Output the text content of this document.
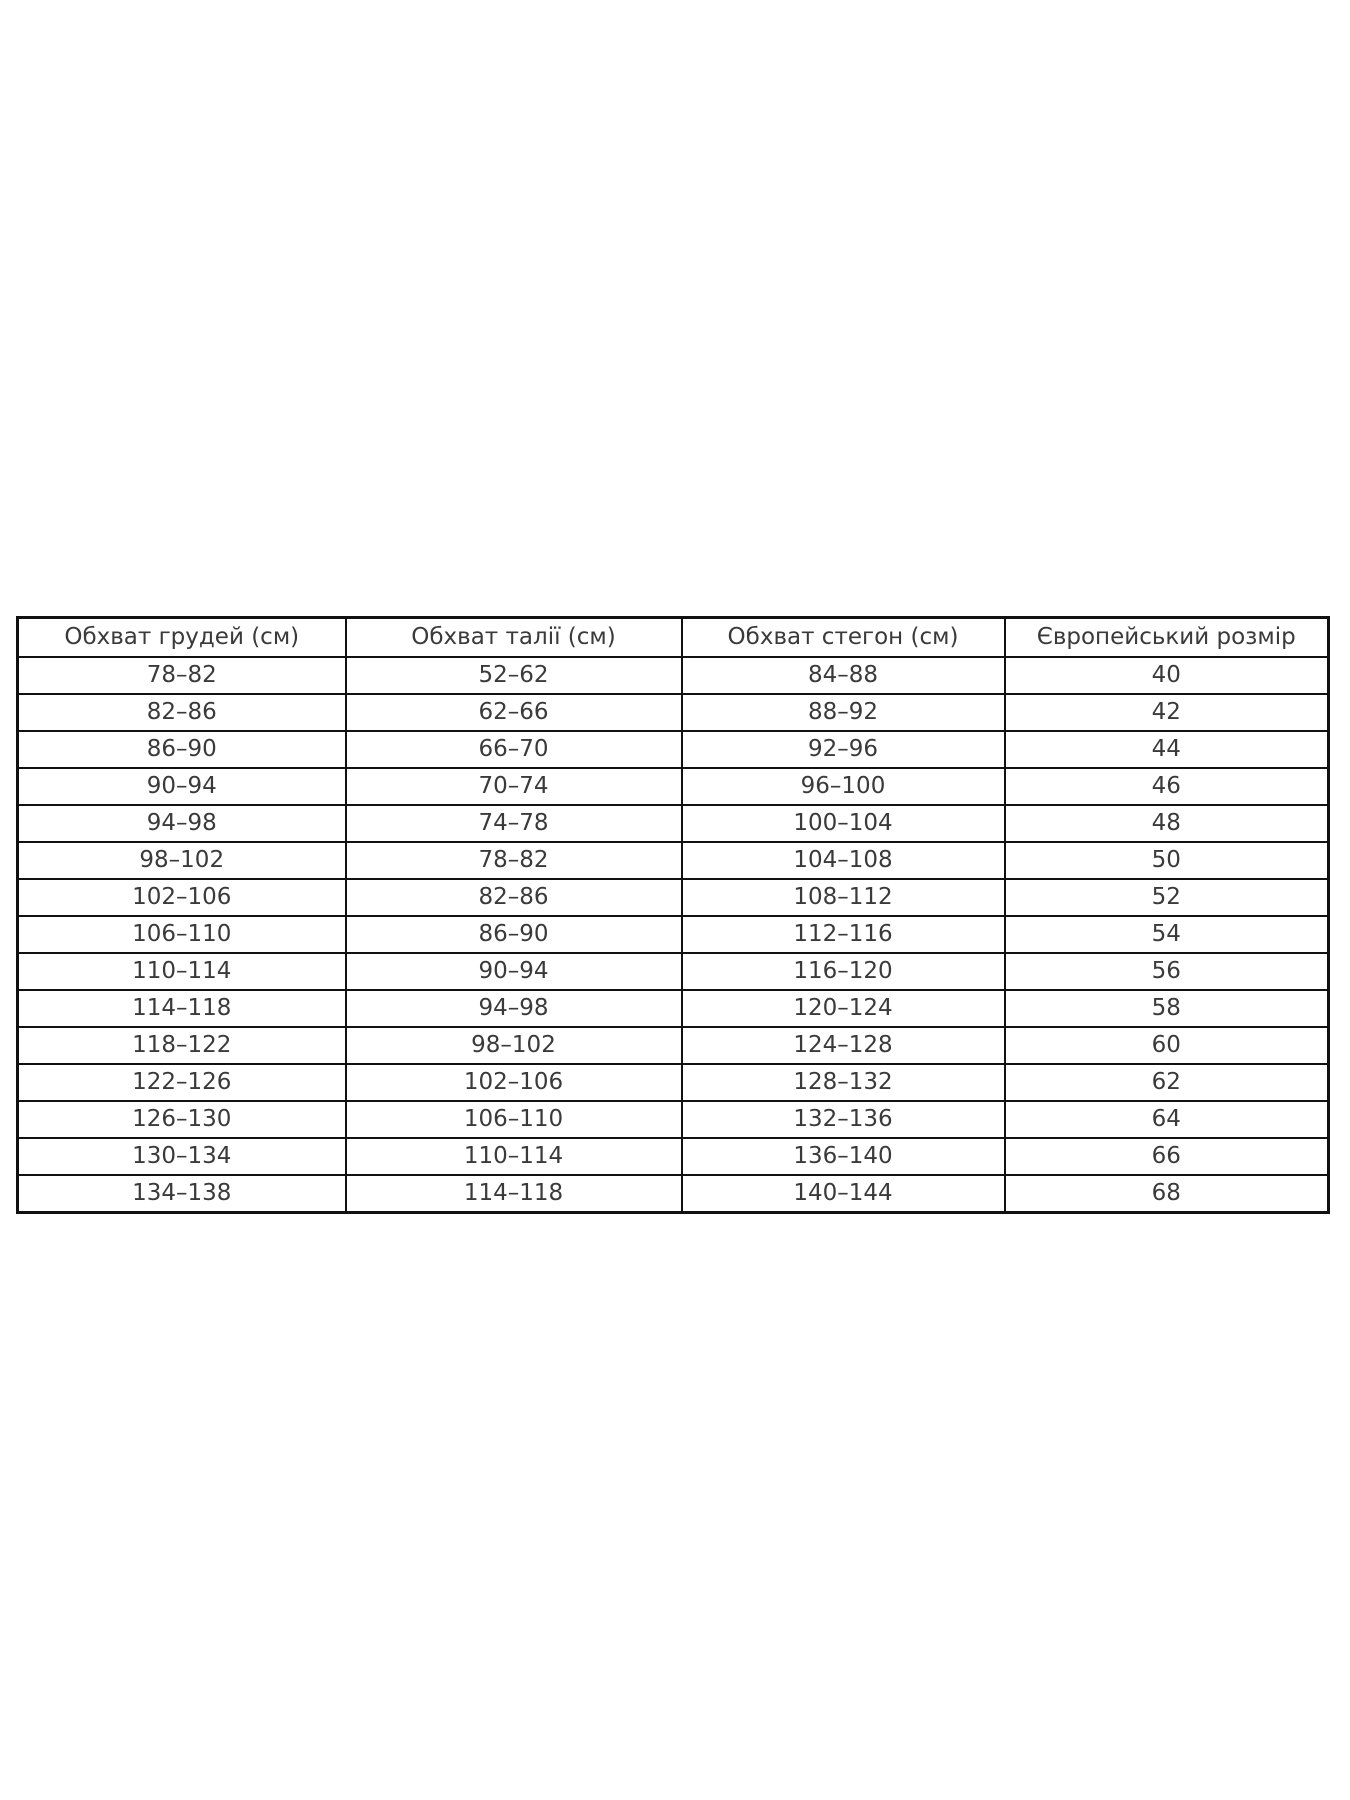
Обхват грудей (см)	Обхват талії (см)	Обхват стегон (см)	Європейський розмір
78–82	52–62	84–88	40
82–86	62–66	88–92	42
86–90	66–70	92–96	44
90–94	70–74	96–100	46
94–98	74–78	100–104	48
98–102	78–82	104–108	50
102–106	82–86	108–112	52
106–110	86–90	112–116	54
110–114	90–94	116–120	56
114–118	94–98	120–124	58
118–122	98–102	124–128	60
122–126	102–106	128–132	62
126–130	106–110	132–136	64
130–134	110–114	136–140	66
134–138	114–118	140–144	68
